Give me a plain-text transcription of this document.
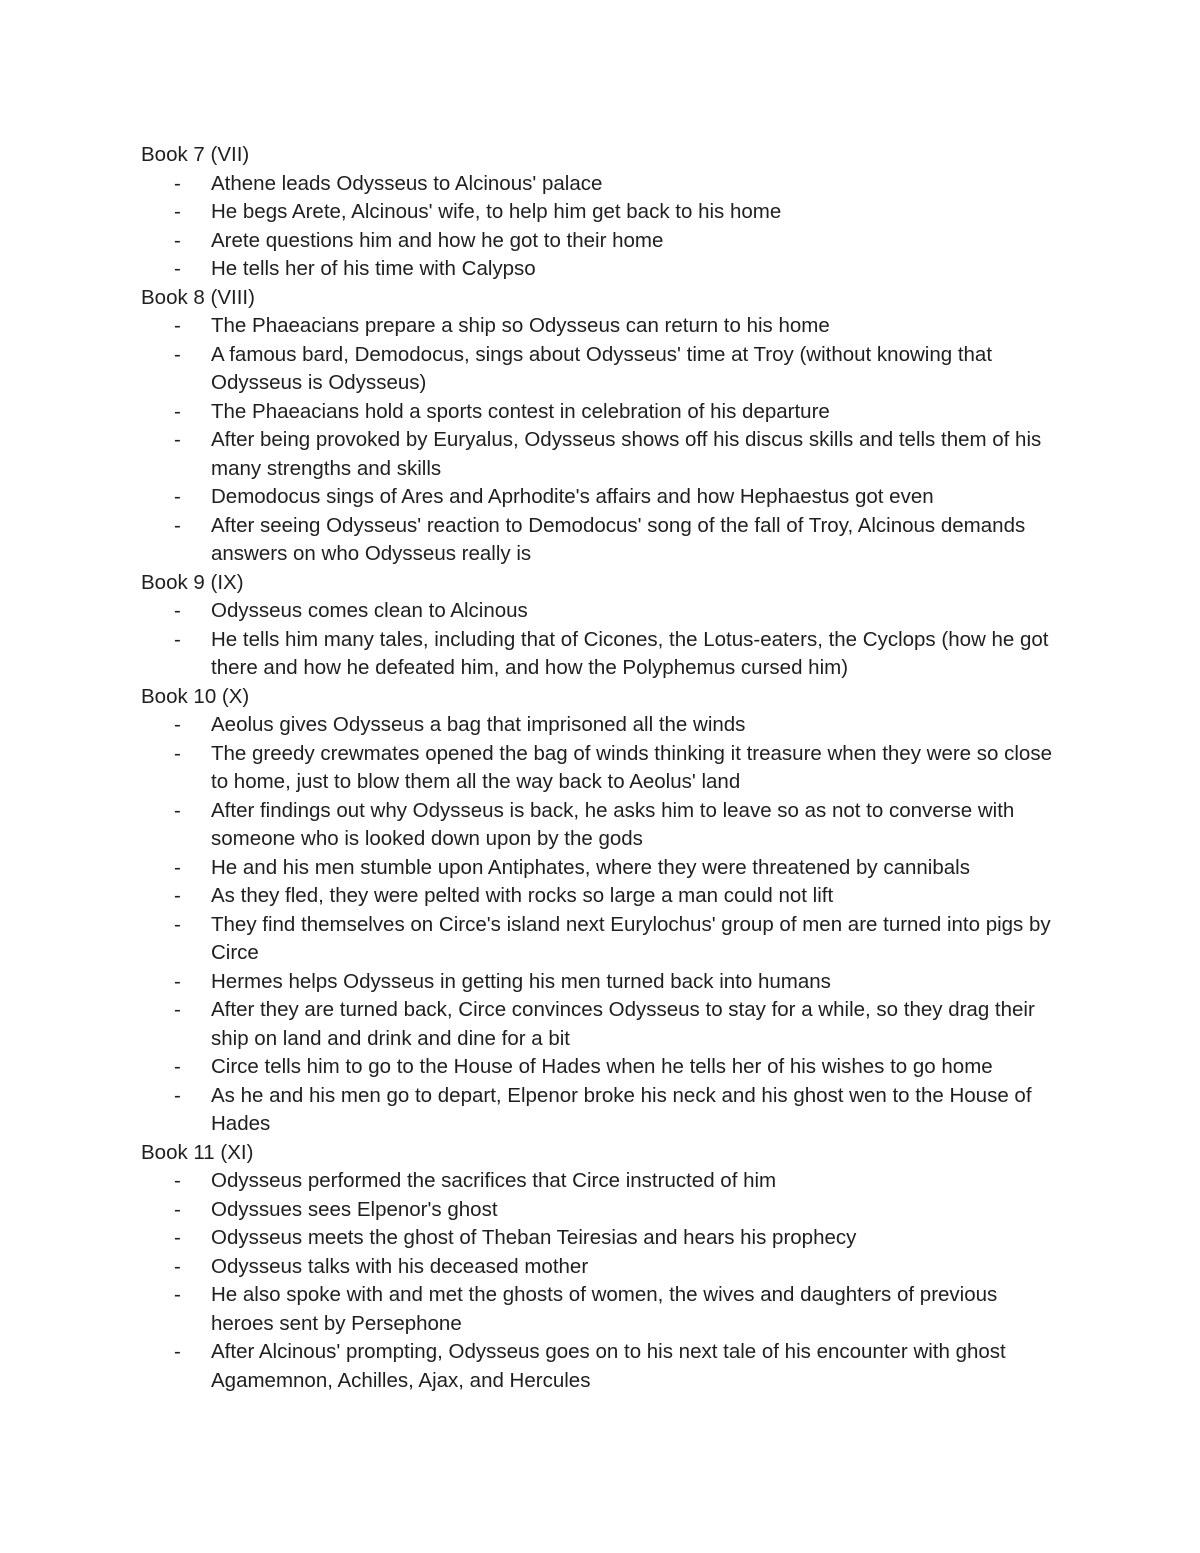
Book 7 (VII)

- Athene leads Odysseus to Alcinous' palace
- He begs Arete, Alcinous' wife, to help him get back to his home
- Arete questions him and how he got to their home
- He tells her of his time with Calypso

Book 8 (VIII)

- The Phaeacians prepare a ship so Odysseus can return to his home
- A famous bard, Demodocus, sings about Odysseus' time at Troy (without knowing that Odysseus is Odysseus)
- The Phaeacians hold a sports contest in celebration of his departure
- After being provoked by Euryalus, Odysseus shows off his discus skills and tells them of his many strengths and skills
- Demodocus sings of Ares and Aprhodite's affairs and how Hephaestus got even
- After seeing Odysseus' reaction to Demodocus' song of the fall of Troy, Alcinous demands answers on who Odysseus really is

Book 9 (IX)

- Odysseus comes clean to Alcinous
- He tells him many tales, including that of Cicones, the Lotus-eaters, the Cyclops (how he got there and how he defeated him, and how the Polyphemus cursed him)

Book 10 (X)

- Aeolus gives Odysseus a bag that imprisoned all the winds
- The greedy crewmates opened the bag of winds thinking it treasure when they were so close to home, just to blow them all the way back to Aeolus' land
- After findings out why Odysseus is back, he asks him to leave so as not to converse with someone who is looked down upon by the gods
- He and his men stumble upon Antiphates, where they were threatened by cannibals
- As they fled, they were pelted with rocks so large a man could not lift
- They find themselves on Circe's island next Eurylochus' group of men are turned into pigs by Circe
- Hermes helps Odysseus in getting his men turned back into humans
- After they are turned back, Circe convinces Odysseus to stay for a while, so they drag their ship on land and drink and dine for a bit
- Circe tells him to go to the House of Hades when he tells her of his wishes to go home
- As he and his men go to depart, Elpenor broke his neck and his ghost wen to the House of Hades

Book 11 (XI)

- Odysseus performed the sacrifices that Circe instructed of him
- Odyssues sees Elpenor's ghost
- Odysseus meets the ghost of Theban Teiresias and hears his prophecy
- Odysseus talks with his deceased mother
- He also spoke with and met the ghosts of women, the wives and daughters of previous heroes sent by Persephone
- After Alcinous' prompting, Odysseus goes on to his next tale of his encounter with ghost Agamemnon, Achilles, Ajax, and Hercules
